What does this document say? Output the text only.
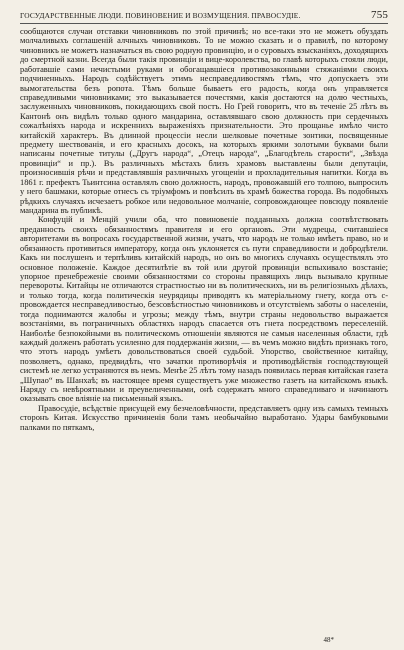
ГОСУДАРСТВЕННЫЕ ЛЮДИ. ПОВИНОВЕНИЕ И ВОЗМУЩЕНИЯ. ПРАВОСУДІЕ.	755

сообщаются случаи отставки чиновниковъ по этой причинѣ; но все-таки это не можетъ обуздать молчаливыхъ соглашеній алчныхъ чиновниковъ. То не можно сказать и о правилѣ, по которому чиновникъ не можетъ назначаться въ свою родную провинцію, и о суровыхъ взысканіяхъ, доходящихъ до смертной казни. Всегда были такія провинціи и вице-королевства, во главѣ которыхъ стояли люди, работавшіе сами нечистыми руками и обогащавшіеся противозаконными стяжаніями своихъ подчиненныхъ. Народъ содѣйствуетъ этимъ несправедливостямъ тѣмъ, что допускаетъ эти вымогательства безъ ропота. Тѣмъ больше бываетъ его радость, когда онъ управляется справедливыми чиновниками; это выказывается почестями, какія достаются на долю честныхъ, заслуженныхъ чиновниковъ, покидающихъ свой постъ. Но Грей говоритъ, что въ теченіе 25 лѣтъ въ Кантонѣ онъ видѣлъ только одного мандарина, оставлявшаго свою должность при сердечныхъ сожалѣніяхъ народа и искреннихъ выраженіяхъ признательности. Это прощанье имѣло чисто китайскій характеръ. Въ длинной процессіи несли шелковые почетные зонтики, посвященные предмету шествованія, и его красныхъ досокъ, на которыхъ яркими золотыми буквами были написаны почетные титулы („Другъ народа“, „Отецъ народа“, „Благодѣтель старости“, „Звѣзда провинціи“ и пр.). Въ различныхъ мѣстахъ близъ храмовъ выставлены были депутаціи, произносившія рѣчи и представлявшія различныхъ угощеніи и прохладительныя напитки. Когда въ 1861 г. префектъ Тьинтсина оставлялъ свою должность, народъ, провожавшій его толпою, выпросилъ у него башмаки, которые отнесъ съ тріумфомъ и повѣсилъ въ храмѣ божества города. Въ подобныхъ рѣдкихъ случаяхъ исчезаетъ робкое или недовольное молчаніе, сопровождающее повсюду появленіе мандарина въ публикѣ.

Конфуцій и Менцій учили оба, что повиновеніе подданныхъ должна соотвѣтствовать преданность своихъ обязанностямъ правителя и его органовъ. Эти мудрецы, считавшіеся авторитетами въ вопросахъ государственной жизни, учатъ, что народъ не только имѣетъ право, но и обязанность противиться императору, когда онъ уклоняется съ пути справедливости и добродѣтели. Какъ ни послушенъ и терпѣливъ китайскій народъ, но онъ во многихъ случаяхъ осуществлялъ это основное положеніе. Каждое десятилѣтіе въ той или другой провинціи вспыхивало возстаніе; упорное пренебреженіе своими обязанностями со стороны правящихъ лицъ вызывало крупные перевороты. Китайцы не отличаются страстностью ни въ политическихъ, ни въ религіозныхъ дѣлахъ, и только тогда, когда политическія неурядицы приводятъ къ матеріальному гнету, когда отъ с-провождается несправедливостью, безсовѣстностью чиновниковъ и отсутствіемъ заботы о населеніи, тогда поднимаются жалобы и угрозы; между тѣмъ, внутри страны недовольство выражается возстаніями, въ пограничныхъ областяхъ народъ спасается отъ гнета посредствомъ переселеній. Наиболѣе безпокойными въ политическомъ отношеніи являются не самыя населенныя области, гдѣ каждый долженъ работать усиленно для поддержанія жизни, — въ чемъ можно видѣть признакъ того, что этотъ народъ умѣетъ довольствоваться своей судьбой. Упорство, свойственное китайцу, позволяетъ, однако, предвидѣть, что зачатки противорѣчія и противодѣйствія господствующей системѣ не легко устраняются въ немъ. Менѣе 25 лѣтъ тому назадъ появилась первая китайская газета „Шупао“ въ Шанхаѣ; въ настоящее время существуетъ уже множество газетъ на китайскомъ языкѣ. Наряду съ невѣроятными и преувеличенными, онѣ содержатъ много справедливаго и начинаютъ оказывать свое вліяніе на письменный языкъ.

Правосудіе, всѣдствіе присущей ему безчеловѣчности, представляетъ одну изъ самыхъ темныхъ сторонъ Китая. Искусство причиненія боли тамъ необычайно выработано. Удары бамбуковыми палками по пяткамъ,

48*
